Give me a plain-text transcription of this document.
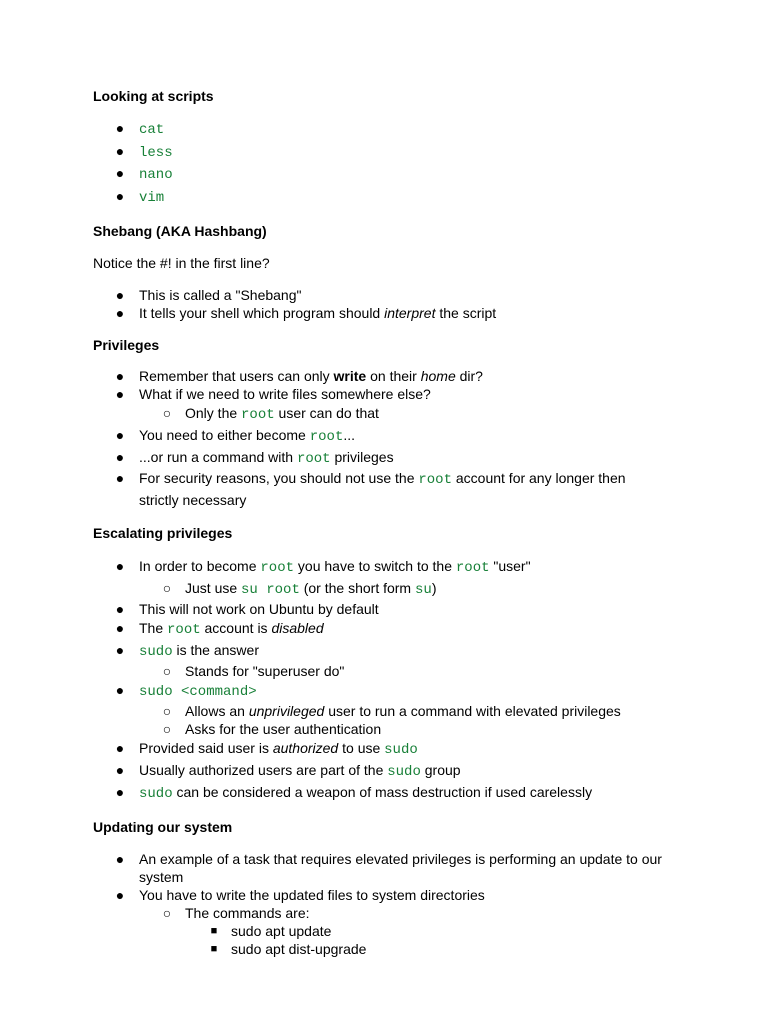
Looking at scripts
● cat
● less
● nano
● vim
Shebang (AKA Hashbang)

Notice the #! in the first line?

● This is called a "Shebang"
● It tells your shell which program should interpret the script
Privileges
● Remember that users can only write on their home dir?
● What if we need to write files somewhere else?
○ Only the root user can do that
● You need to either become root...
● ...or run a command with root privileges
● For security reasons, you should not use the root account for any longer then
strictly necessary
Escalating privileges
● In order to become root you have to switch to the root "user"
○ Just use su root (or the short form su)
● This will not work on Ubuntu by default
● The root account is disabled
● sudo is the answer
○ Stands for "superuser do"
● sudo <command>
○ Allows an unprivileged user to run a command with elevated privileges
○ Asks for the user authentication
● Provided said user is authorized to use sudo
● Usually authorized users are part of the sudo group
● sudo can be considered a weapon of mass destruction if used carelessly
Updating our system
● An example of a task that requires elevated privileges is performing an update to our
system
● You have to write the updated files to system directories
○ The commands are:
■ sudo apt update
■ sudo apt dist-upgrade
